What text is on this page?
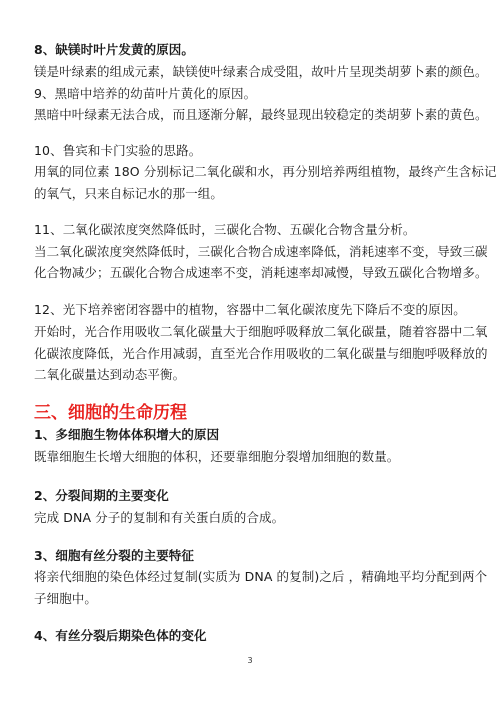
8、缺镁时叶片发黄的原因。
镁是叶绿素的组成元素，缺镁使叶绿素合成受阻，故叶片呈现类胡萝卜素的颜色。
9、黑暗中培养的幼苗叶片黄化的原因。
黑暗中叶绿素无法合成，而且逐渐分解，最终显现出较稳定的类胡萝卜素的黄色。
10、鲁宾和卡门实验的思路。
用氧的同位素 18O 分别标记二氧化碳和水，再分别培养两组植物，最终产生含标记
的氧气，只来自标记水的那一组。
11、二氧化碳浓度突然降低时，三碳化合物、五碳化合物含量分析。
当二氧化碳浓度突然降低时，三碳化合物合成速率降低，消耗速率不变，导致三碳
化合物减少；五碳化合物合成速率不变，消耗速率却减慢，导致五碳化合物增多。
12、光下培养密闭容器中的植物，容器中二氧化碳浓度先下降后不变的原因。
开始时，光合作用吸收二氧化碳量大于细胞呼吸释放二氧化碳量，随着容器中二氧
化碳浓度降低，光合作用减弱，直至光合作用吸收的二氧化碳量与细胞呼吸释放的
二氧化碳量达到动态平衡。
三、细胞的生命历程
1、多细胞生物体体积增大的原因
既靠细胞生长增大细胞的体积，还要靠细胞分裂增加细胞的数量。
2、分裂间期的主要变化
完成 DNA 分子的复制和有关蛋白质的合成。
3、细胞有丝分裂的主要特征
将亲代细胞的染色体经过复制(实质为 DNA 的复制)之后 ，精确地平均分配到两个
子细胞中。
4、有丝分裂后期染色体的变化
3
